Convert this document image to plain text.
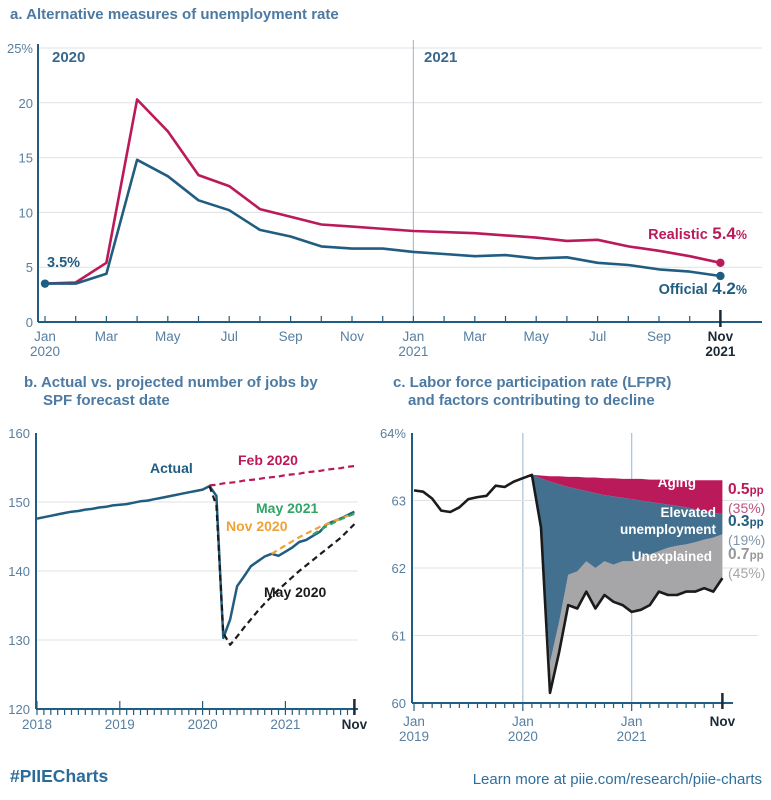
0
5
10
15
20
25%
Jan
2020
Mar	May	Jul	Sep	Nov	Jan
2021
Mar	May	Jul	Sep	Nov
2021
2020	2021
160
150
140
130
120
2018	2019	2020	2021	Nov
64%
63
62
61
60
Jan
2019
Jan
2020
Jan
2021
Nov
a. Alternative measures of unemployment rate
b. Actual vs. projected number of jobs by
SPF forecast date
c. Labor force participation rate (LFPR)
and factors contributing to decline
3.5%
Realistic 5.4%
Official 4.2%
Actual	Feb 2020
May 2021
Nov 2020
May 2020
Aging
Elevated
unemployment
Unexplained
0.5pp
(35%)
0.3pp
(19%)
0.7pp
(45%)
#PIIECharts	Learn more at piie.com/research/piie-charts
